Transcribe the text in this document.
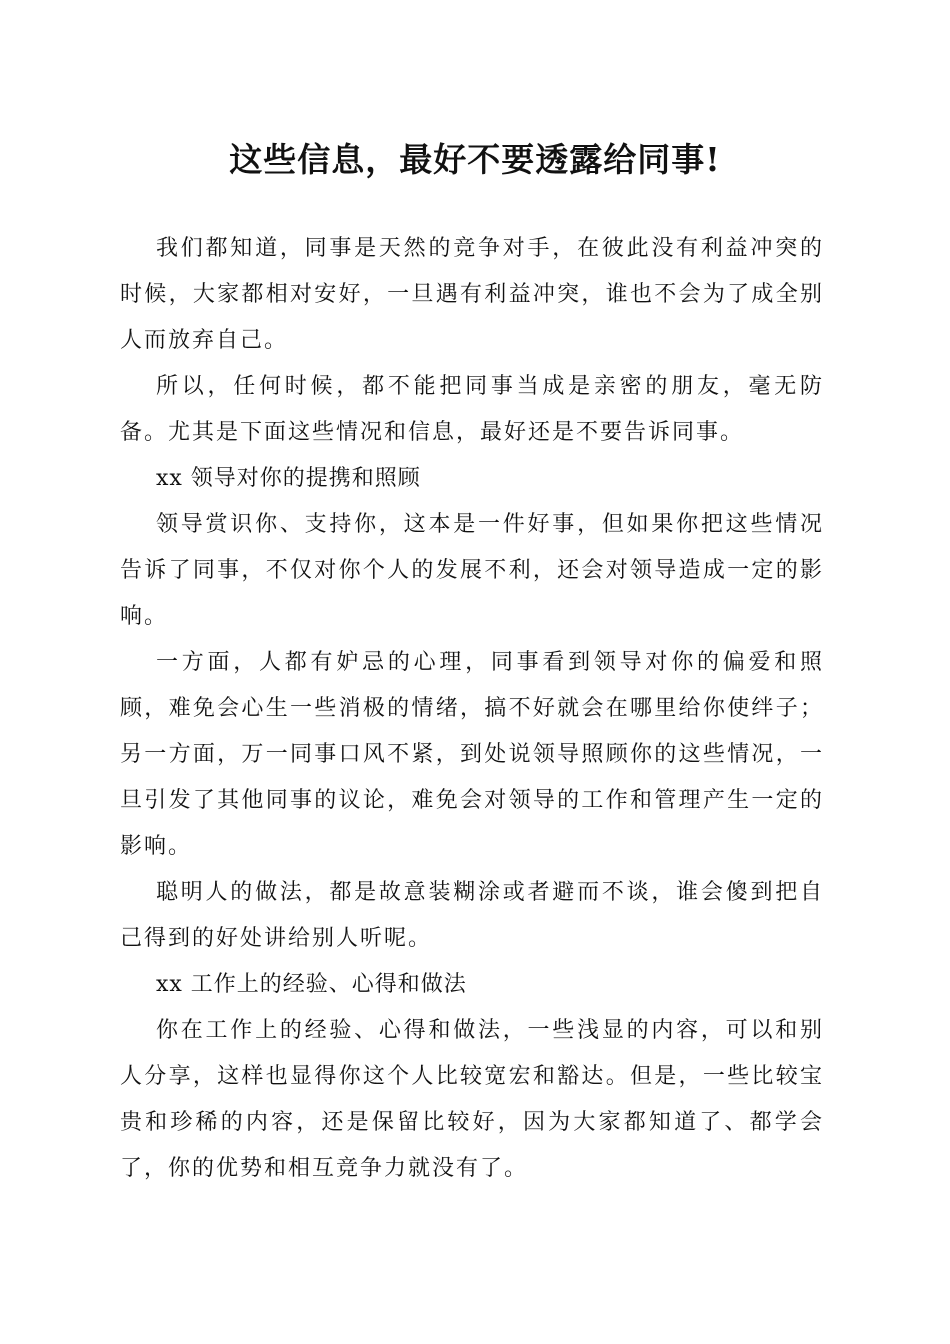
这些信息，最好不要透露给同事!

我们都知道，同事是天然的竞争对手，在彼此没有利益冲突的时候，大家都相对安好，一旦遇有利益冲突，谁也不会为了成全别人而放弃自己。

所以，任何时候，都不能把同事当成是亲密的朋友，毫无防备。尤其是下面这些情况和信息，最好还是不要告诉同事。

xx 领导对你的提携和照顾

领导赏识你、支持你，这本是一件好事，但如果你把这些情况告诉了同事，不仅对你个人的发展不利，还会对领导造成一定的影响。

一方面，人都有妒忌的心理，同事看到领导对你的偏爱和照顾，难免会心生一些消极的情绪，搞不好就会在哪里给你使绊子；另一方面，万一同事口风不紧，到处说领导照顾你的这些情况，一旦引发了其他同事的议论，难免会对领导的工作和管理产生一定的影响。

聪明人的做法，都是故意装糊涂或者避而不谈，谁会傻到把自己得到的好处讲给别人听呢。

xx 工作上的经验、心得和做法

你在工作上的经验、心得和做法，一些浅显的内容，可以和别人分享，这样也显得你这个人比较宽宏和豁达。但是，一些比较宝贵和珍稀的内容，还是保留比较好，因为大家都知道了、都学会了，你的优势和相互竞争力就没有了。
